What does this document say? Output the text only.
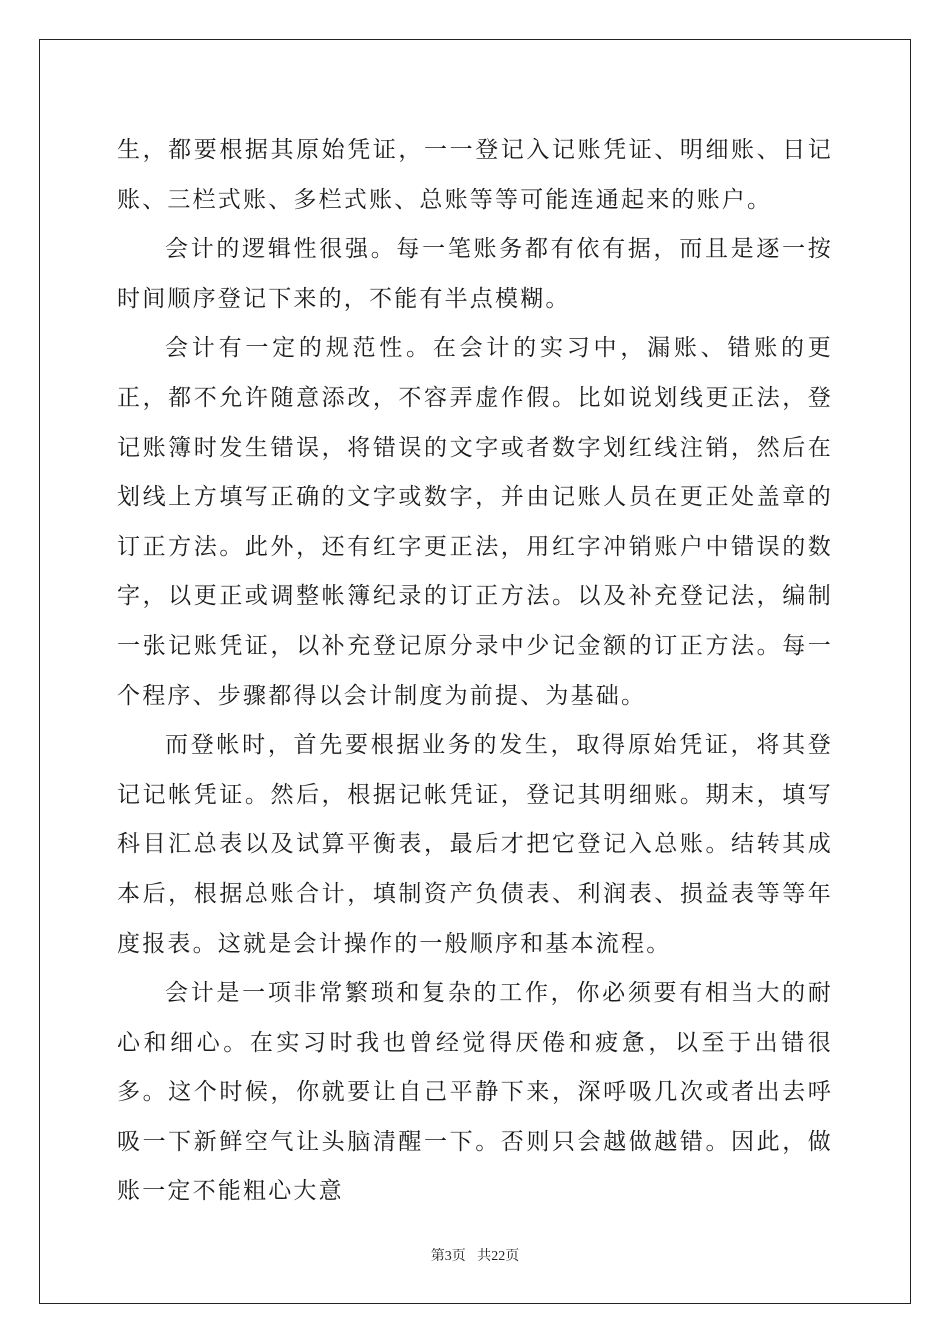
生，都要根据其原始凭证，一一登记入记账凭证、明细账、日记账、三栏式账、多栏式账、总账等等可能连通起来的账户。

会计的逻辑性很强。每一笔账务都有依有据，而且是逐一按时间顺序登记下来的，不能有半点模糊。

会计有一定的规范性。在会计的实习中，漏账、错账的更正，都不允许随意添改，不容弄虚作假。比如说划线更正法，登记账簿时发生错误，将错误的文字或者数字划红线注销，然后在划线上方填写正确的文字或数字，并由记账人员在更正处盖章的订正方法。此外，还有红字更正法，用红字冲销账户中错误的数字，以更正或调整帐簿纪录的订正方法。以及补充登记法，编制一张记账凭证，以补充登记原分录中少记金额的订正方法。每一个程序、步骤都得以会计制度为前提、为基础。

而登帐时，首先要根据业务的发生，取得原始凭证，将其登记记帐凭证。然后，根据记帐凭证，登记其明细账。期末，填写科目汇总表以及试算平衡表，最后才把它登记入总账。结转其成本后，根据总账合计，填制资产负债表、利润表、损益表等等年度报表。这就是会计操作的一般顺序和基本流程。

会计是一项非常繁琐和复杂的工作，你必须要有相当大的耐心和细心。在实习时我也曾经觉得厌倦和疲惫，以至于出错很多。这个时候，你就要让自己平静下来，深呼吸几次或者出去呼吸一下新鲜空气让头脑清醒一下。否则只会越做越错。因此，做账一定不能粗心大意

第3页 共22页
